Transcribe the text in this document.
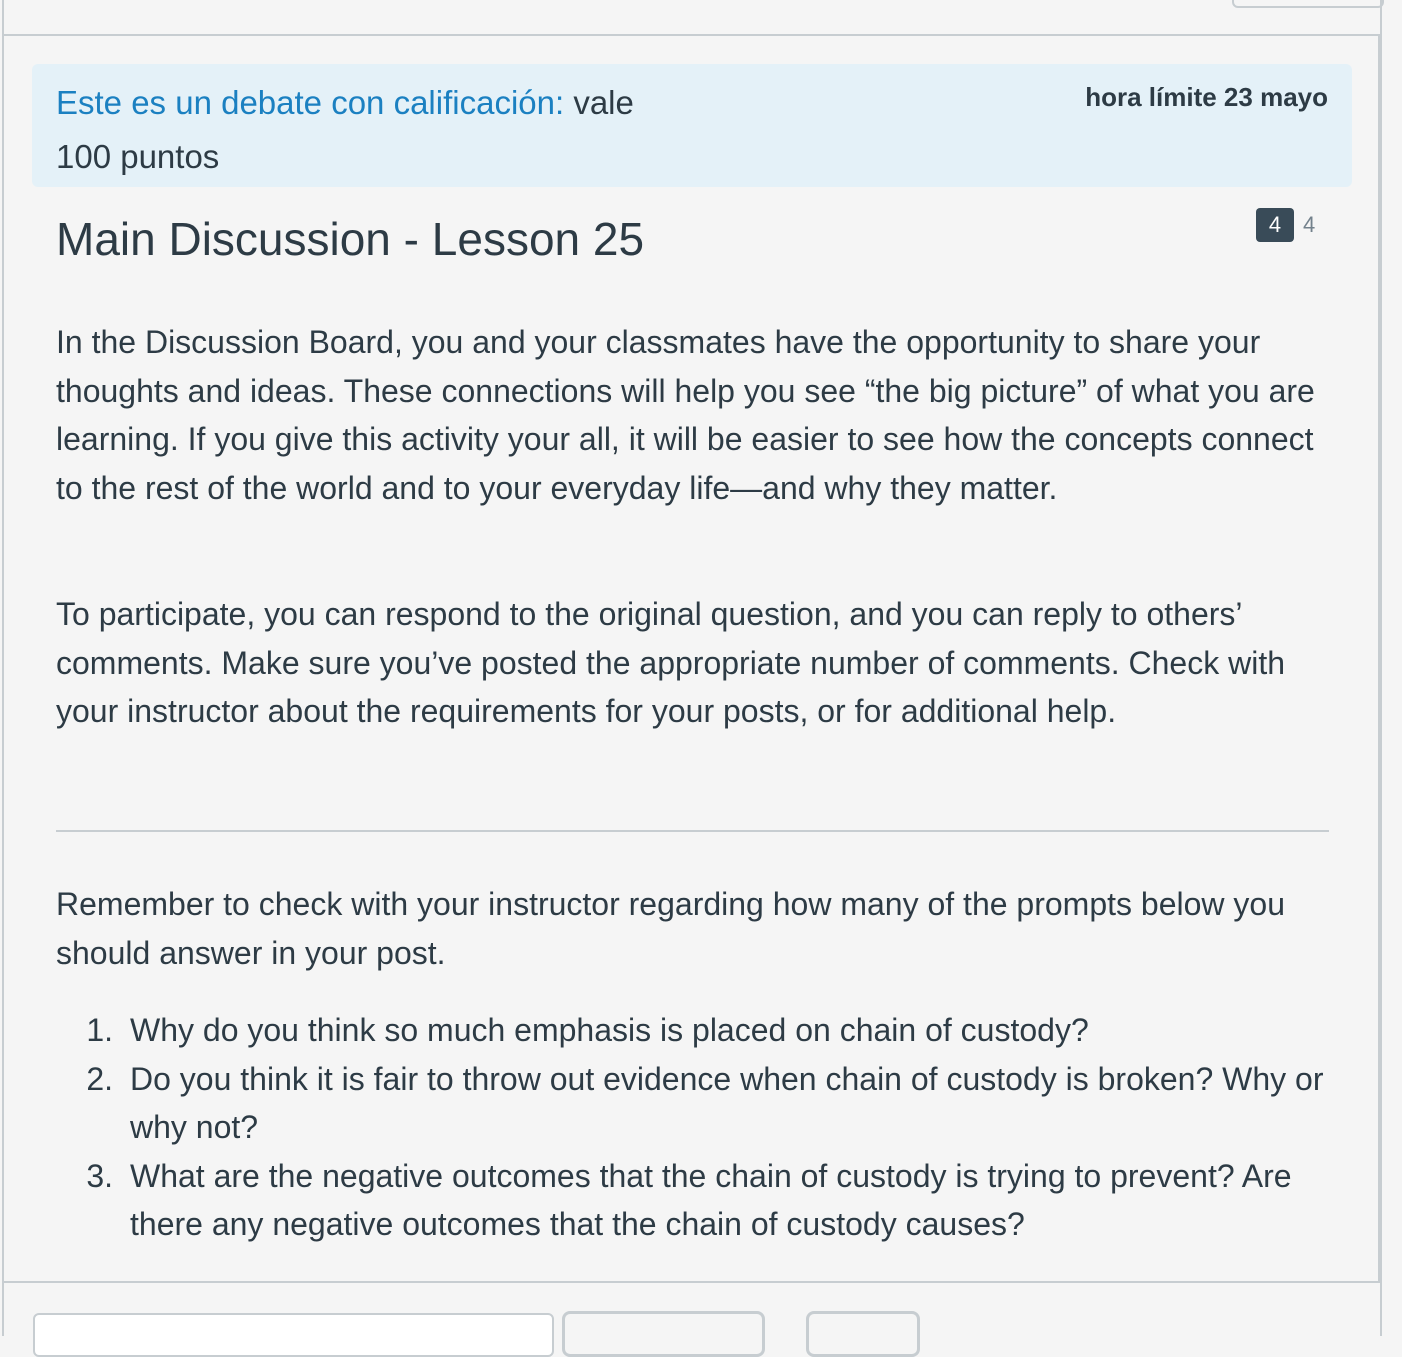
Este es un debate con calificación: vale
100 puntos
hora límite 23 mayo
Main Discussion - Lesson 25	4 4

In the Discussion Board, you and your classmates have the opportunity to share your thoughts and ideas. These connections will help you see “the big picture” of what you are learning. If you give this activity your all, it will be easier to see how the concepts connect to the rest of the world and to your everyday life—and why they matter.

To participate, you can respond to the original question, and you can reply to others’ comments. Make sure you’ve posted the appropriate number of comments. Check with your instructor about the requirements for your posts, or for additional help.

Remember to check with your instructor regarding how many of the prompts below you should answer in your post.

1. Why do you think so much emphasis is placed on chain of custody?
2. Do you think it is fair to throw out evidence when chain of custody is broken? Why or why not?
3. What are the negative outcomes that the chain of custody is trying to prevent? Are there any negative outcomes that the chain of custody causes?
